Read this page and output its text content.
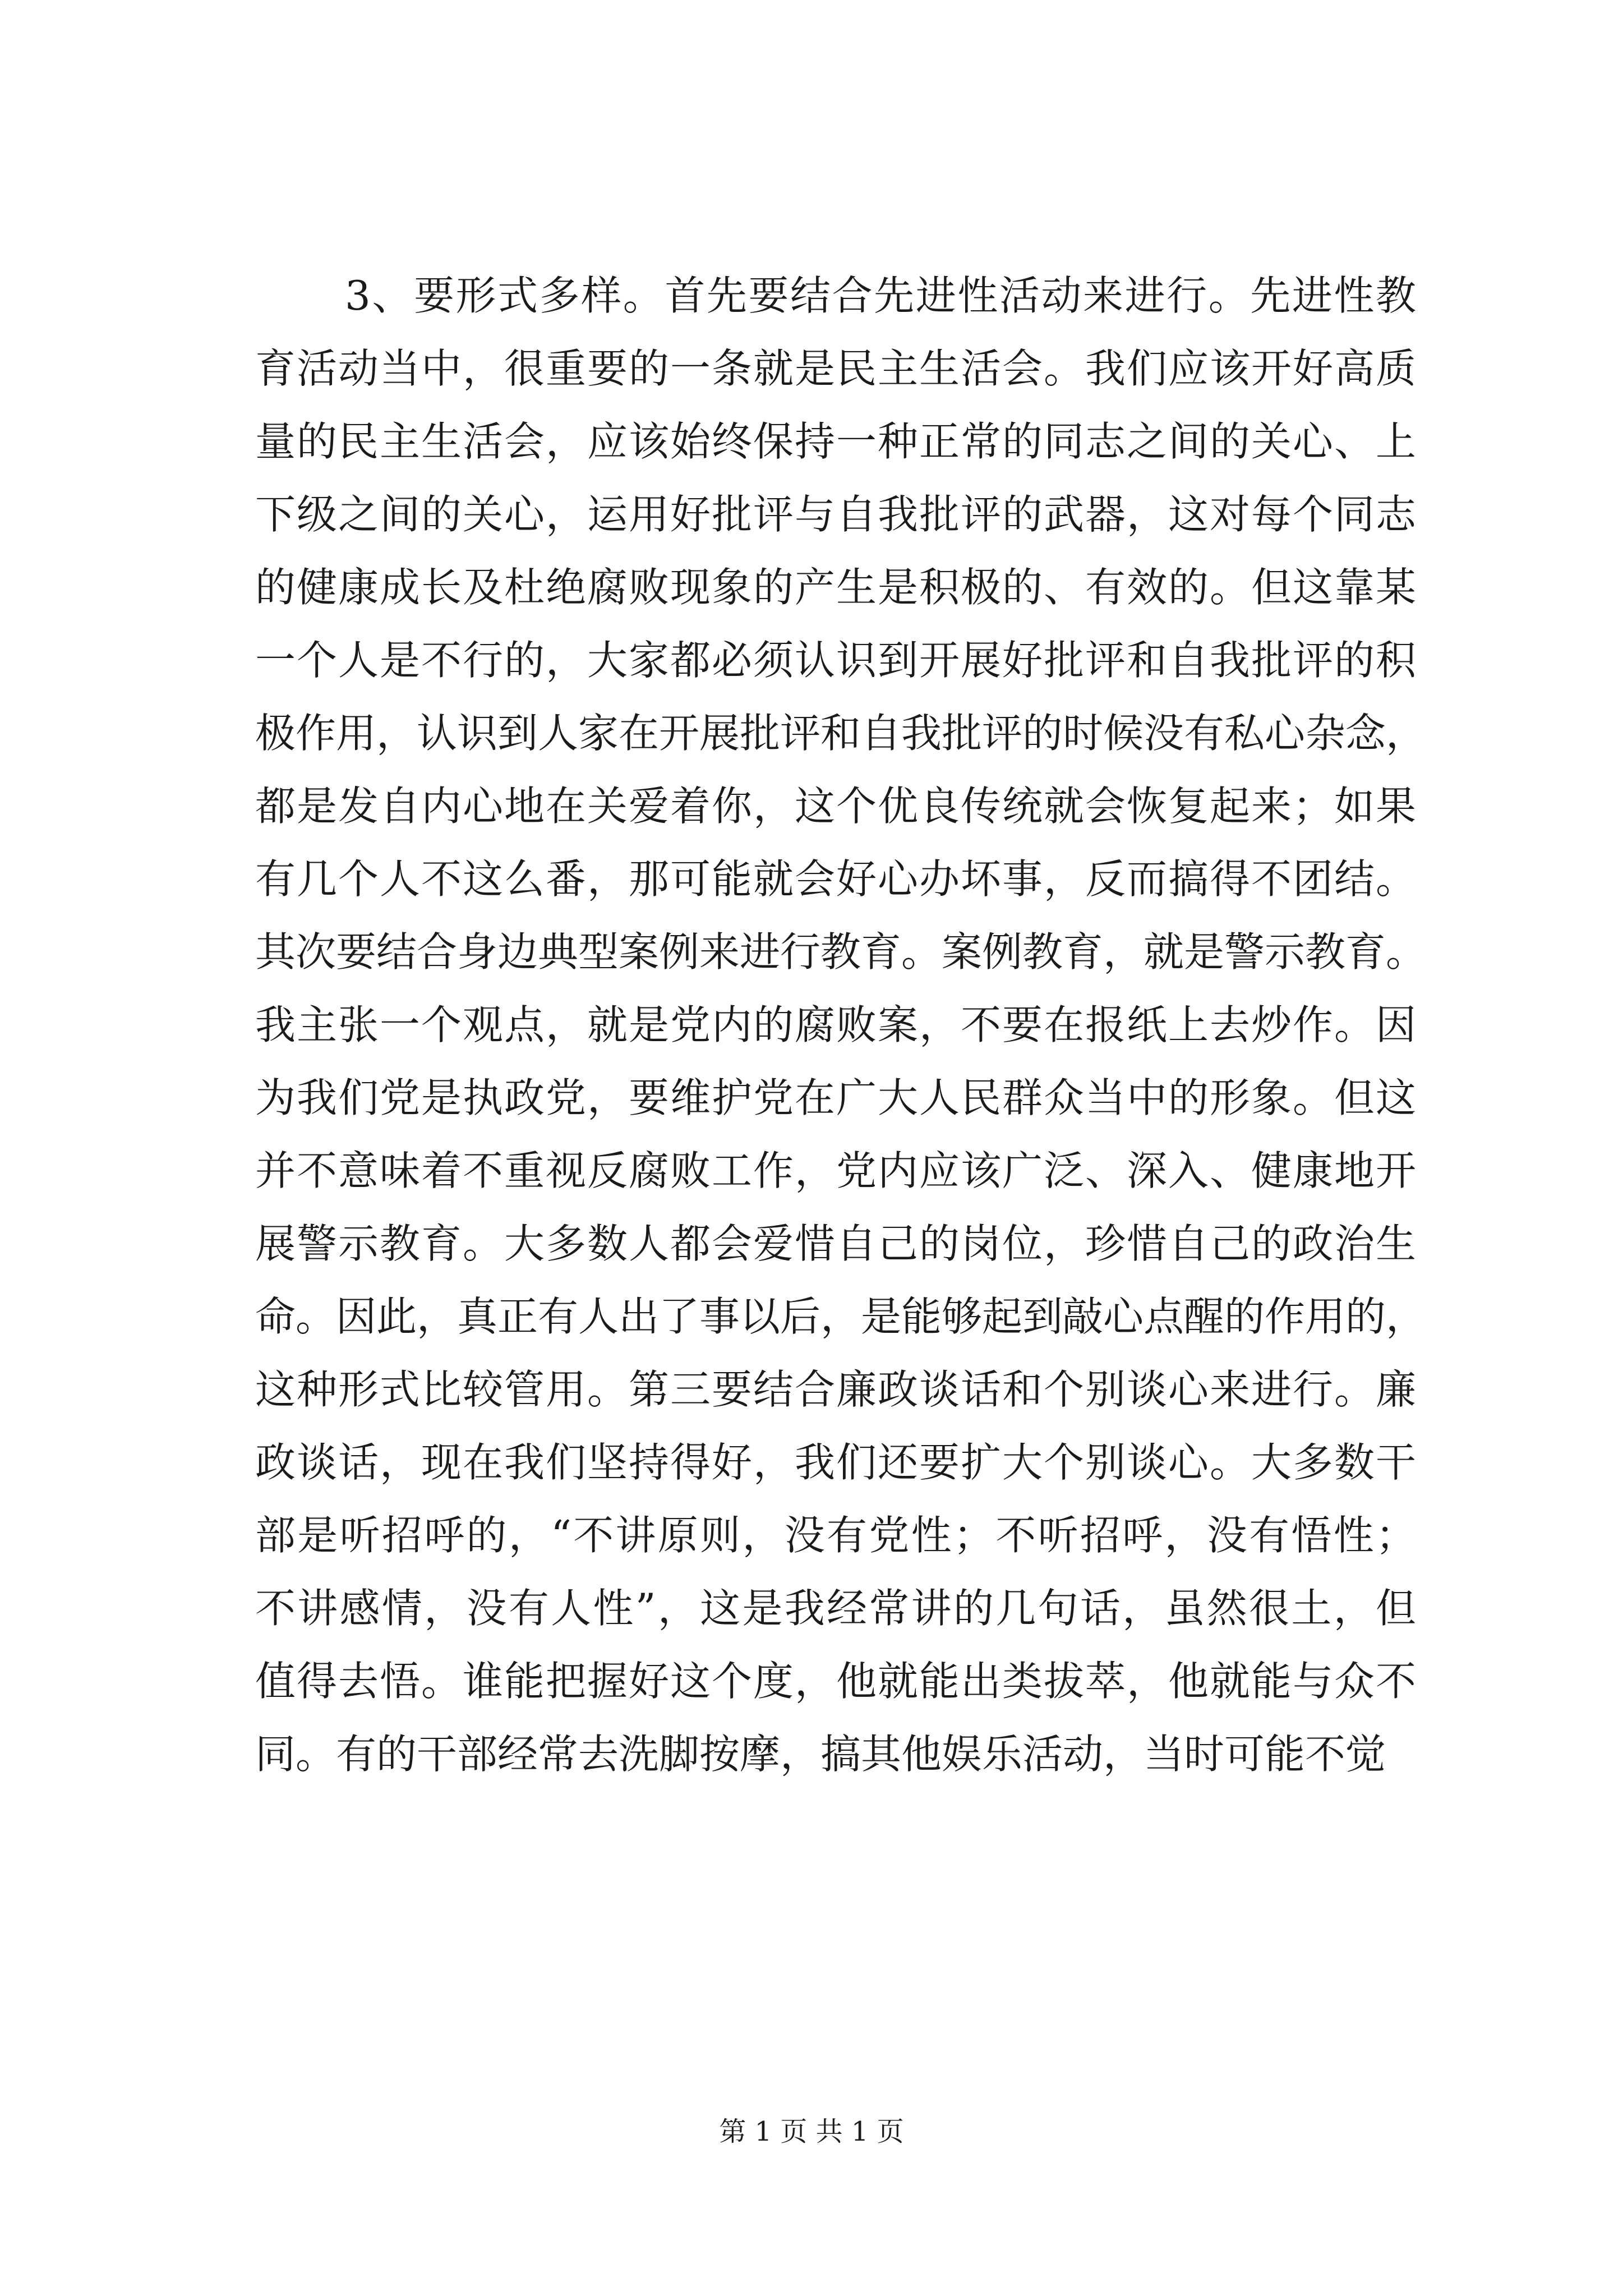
3、要形式多样。首先要结合先进性活动来进行。先进性教
育活动当中，很重要的一条就是民主生活会。我们应该开好高质
量的民主生活会，应该始终保持一种正常的同志之间的关心、上
下级之间的关心，运用好批评与自我批评的武器，这对每个同志
的健康成长及杜绝腐败现象的产生是积极的、有效的。但这靠某
一个人是不行的，大家都必须认识到开展好批评和自我批评的积
极作用，认识到人家在开展批评和自我批评的时候没有私心杂念，
都是发自内心地在关爱着你，这个优良传统就会恢复起来；如果
有几个人不这么番，那可能就会好心办坏事，反而搞得不团结。
其次要结合身边典型案例来进行教育。案例教育，就是警示教育。
我主张一个观点，就是党内的腐败案，不要在报纸上去炒作。因
为我们党是执政党，要维护党在广大人民群众当中的形象。但这
并不意味着不重视反腐败工作，党内应该广泛、深入、健康地开
展警示教育。大多数人都会爱惜自己的岗位，珍惜自己的政治生
命。因此，真正有人出了事以后，是能够起到敲心点醒的作用的，
这种形式比较管用。第三要结合廉政谈话和个别谈心来进行。廉
政谈话，现在我们坚持得好，我们还要扩大个别谈心。大多数干
部是听招呼的，“不讲原则，没有党性；不听招呼，没有悟性；
不讲感情，没有人性”，这是我经常讲的几句话，虽然很土，但
值得去悟。谁能把握好这个度，他就能出类拔萃，他就能与众不
同。有的干部经常去洗脚按摩，搞其他娱乐活动，当时可能不觉
第 1 页 共 1 页
